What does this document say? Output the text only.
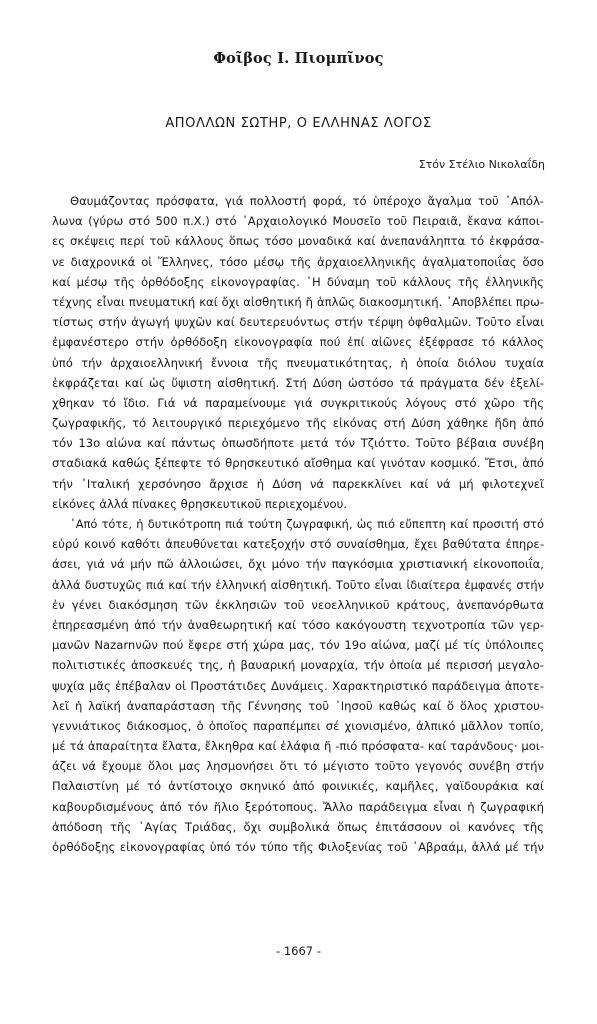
Φοῖβος Ι. Πιομπῖνος
ΑΠΟΛΛΩΝ ΣΩΤΗΡ, Ο ΕΛΛΗΝΑΣ ΛΟΓΟΣ
Στόν Στέλιο Νικολαΐδη
Θαυμάζοντας πρόσφατα, γιά πολλοστή φορά, τό ὑπέροχο ἄγαλμα τοῦ ᾿Απόλ-
λωνα (γύρω στό 500 π.Χ.) στό ᾿Αρχαιολογικό Μουσεῖο τοῦ Πειραιᾶ, ἔκανα κάποι-
ες σκέψεις περί τοῦ κάλλους ὅπως τόσο μοναδικά καί ἀνεπανάληπτα τό ἐκφράσα-
νε διαχρονικά οἱ Ἕλληνες, τόσο μέσῳ τῆς ἀρχαιοελληνικῆς ἀγαλματοποιΐας ὅσο
καί μέσῳ τῆς ὀρθόδοξης εἰκονογραφίας. ῾Η δύναμη τοῦ κάλλους τῆς ἑλληνικῆς
τέχνης εἶναι πνευματική καί ὄχι αἰσθητική ἤ ἁπλῶς διακοσμητική. ᾿Αποβλέπει πρω-
τίστως στήν ἀγωγή ψυχῶν καί δευτερευόντως στήν τέρψη ὀφθαλμῶν. Τοῦτο εἶναι
ἐμφανέστερο στήν ὀρθόδοξη εἰκονογραφία πού ἐπί αἰῶνες ἐξέφρασε τό κάλλος
ὑπό τήν ἀρχαιοελληνική ἔννοια τῆς πνευματικότητας, ἡ ὁποία διόλου τυχαία
ἐκφράζεται καί ὡς ὕψιστη αἰσθητική. Στή Δύση ὡστόσο τά πράγματα δέν ἐξελί-
χθηκαν τό ἴδιο. Γιά νά παραμείνουμε γιά συγκριτικούς λόγους στό χῶρο τῆς
ζωγραφικῆς, τό λειτουργικό περιεχόμενο τῆς εἰκόνας στή Δύση χάθηκε ἤδη ἀπό
τόν 13ο αἰώνα καί πάντως ὁπωσδήποτε μετά τόν Τζιόττο. Τοῦτο βέβαια συνέβη
σταδιακά καθώς ξέπεφτε τό θρησκευτικό αἴσθημα καί γινόταν κοσμικό. Ἔτσι, ἀπό
τήν ᾿Ιταλική χερσόνησο ἄρχισε ἡ Δύση νά παρεκκλίνει καί νά μή φιλοτεχνεῖ
εἰκόνες ἀλλά πίνακες θρησκευτικοῦ περιεχομένου.
᾿Από τότε, ἡ δυτικότροπη πιά τούτη ζωγραφική, ὡς πιό εὔπεπτη καί προσιτή στό
εὐρύ κοινό καθότι ἀπευθύνεται κατεξοχήν στό συναίσθημα, ἔχει βαθύτατα ἐπηρε-
άσει, γιά νά μήν πῶ ἀλλοιώσει, ὄχι μόνο τήν παγκόσμια χριστιανική εἰκονοποιΐα,
ἀλλά δυστυχῶς πιά καί τήν ἑλληνική αἰσθητική. Τοῦτο εἶναι ἰδιαίτερα ἐμφανές στήν
ἐν γένει διακόσμηση τῶν ἐκκλησιῶν τοῦ νεοελληνικοῦ κράτους, ἀνεπανόρθωτα
ἐπηρεασμένη ἀπό τήν ἀναθεωρητική καί τόσο κακόγουστη τεχνοτροπία τῶν γερ-
μανῶν Nazarnνῶν πού ἔφερε στή χώρα μας, τόν 19ο αἰώνα, μαζί μέ τίς ὑπόλοιπες
πολιτιστικές ἀποσκευές της, ἡ βαυαρική μοναρχία, τήν ὁποία μέ περισσή μεγαλο-
ψυχία μᾶς ἐπέβαλαν οἱ Προστάτιδες Δυνάμεις. Χαρακτηριστικό παράδειγμα ἀποτε-
λεῖ ἡ λαϊκή ἀναπαράσταση τῆς Γέννησης τοῦ ᾿Ιησοῦ καθώς καί ὅ ὅλος χριστου-
γεννιάτικος διάκοσμος, ὁ ὁποῖος παραπέμπει σέ χιονισμένο, ἀλπικό μᾶλλον τοπίο,
μέ τά ἀπαραίτητα ἔλατα, ἔλκηθρα καί ἐλάφια ἤ -πιό πρόσφατα- καί ταράνδους· μοι-
άζει νά ἔχουμε ὅλοι μας λησμονήσει ὅτι τό μέγιστο τοῦτο γεγονός συνέβη στήν
Παλαιστίνη μέ τό ἀντίστοιχο σκηνικό ἀπό φοινικιές, καμῆλες, γαϊδουράκια καί
καβουρδισμένους ἀπό τόν ἥλιο ξερότοπους. Ἄλλο παράδειγμα εἶναι ἡ ζωγραφική
ἀπόδοση τῆς ῾Αγίας Τριάδας, ὄχι συμβολικά ὅπως ἐπιτάσσουν οἱ κανόνες τῆς
ὀρθόδοξης εἰκονογραφίας ὑπό τόν τύπο τῆς Φιλοξενίας τοῦ ᾿Αβραάμ, ἀλλά μέ τήν
- 1667 -
